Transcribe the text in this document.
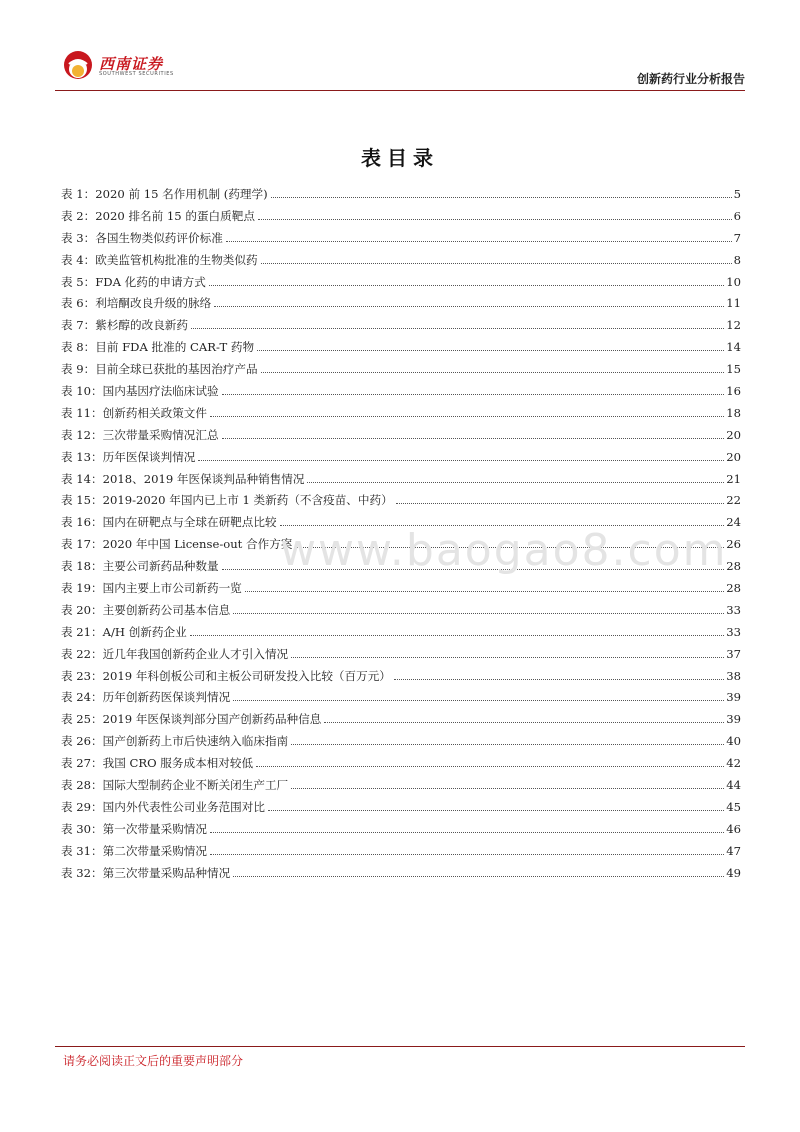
西南证券
SOUTHWEST SECURITIES	创新药行业分析报告
表目录
表 1：2020 前 15 名作用机制 (药理学)	5
表 2：2020 排名前 15 的蛋白质靶点	6
表 3：各国生物类似药评价标准	7
表 4：欧美监管机构批准的生物类似药	8
表 5：FDA 化药的申请方式	10
表 6：利培酮改良升级的脉络	11
表 7：紫杉醇的改良新药	12
表 8：目前 FDA 批准的 CAR-T 药物	14
表 9：目前全球已获批的基因治疗产品	15
表 10：国内基因疗法临床试验	16
表 11：创新药相关政策文件	18
表 12：三次带量采购情况汇总	20
表 13：历年医保谈判情况	20
表 14：2018、2019 年医保谈判品种销售情况	21
表 15：2019-2020 年国内已上市 1 类新药（不含疫苗、中药）	22
表 16：国内在研靶点与全球在研靶点比较	24
表 17：2020 年中国 License-out 合作方案	26
表 18：主要公司新药品种数量	28
表 19：国内主要上市公司新药一览	28
表 20：主要创新药公司基本信息	33
表 21：A/H 创新药企业	33
表 22：近几年我国创新药企业人才引入情况	37
表 23：2019 年科创板公司和主板公司研发投入比较（百万元）	38
表 24：历年创新药医保谈判情况	39
表 25：2019 年医保谈判部分国产创新药品种信息	39
表 26：国产创新药上市后快速纳入临床指南	40
表 27：我国 CRO 服务成本相对较低	42
表 28：国际大型制药企业不断关闭生产工厂	44
表 29：国内外代表性公司业务范围对比	45
表 30：第一次带量采购情况	46
表 31：第二次带量采购情况	47
表 32：第三次带量采购品种情况	49
www.baogao8.com
请务必阅读正文后的重要声明部分
